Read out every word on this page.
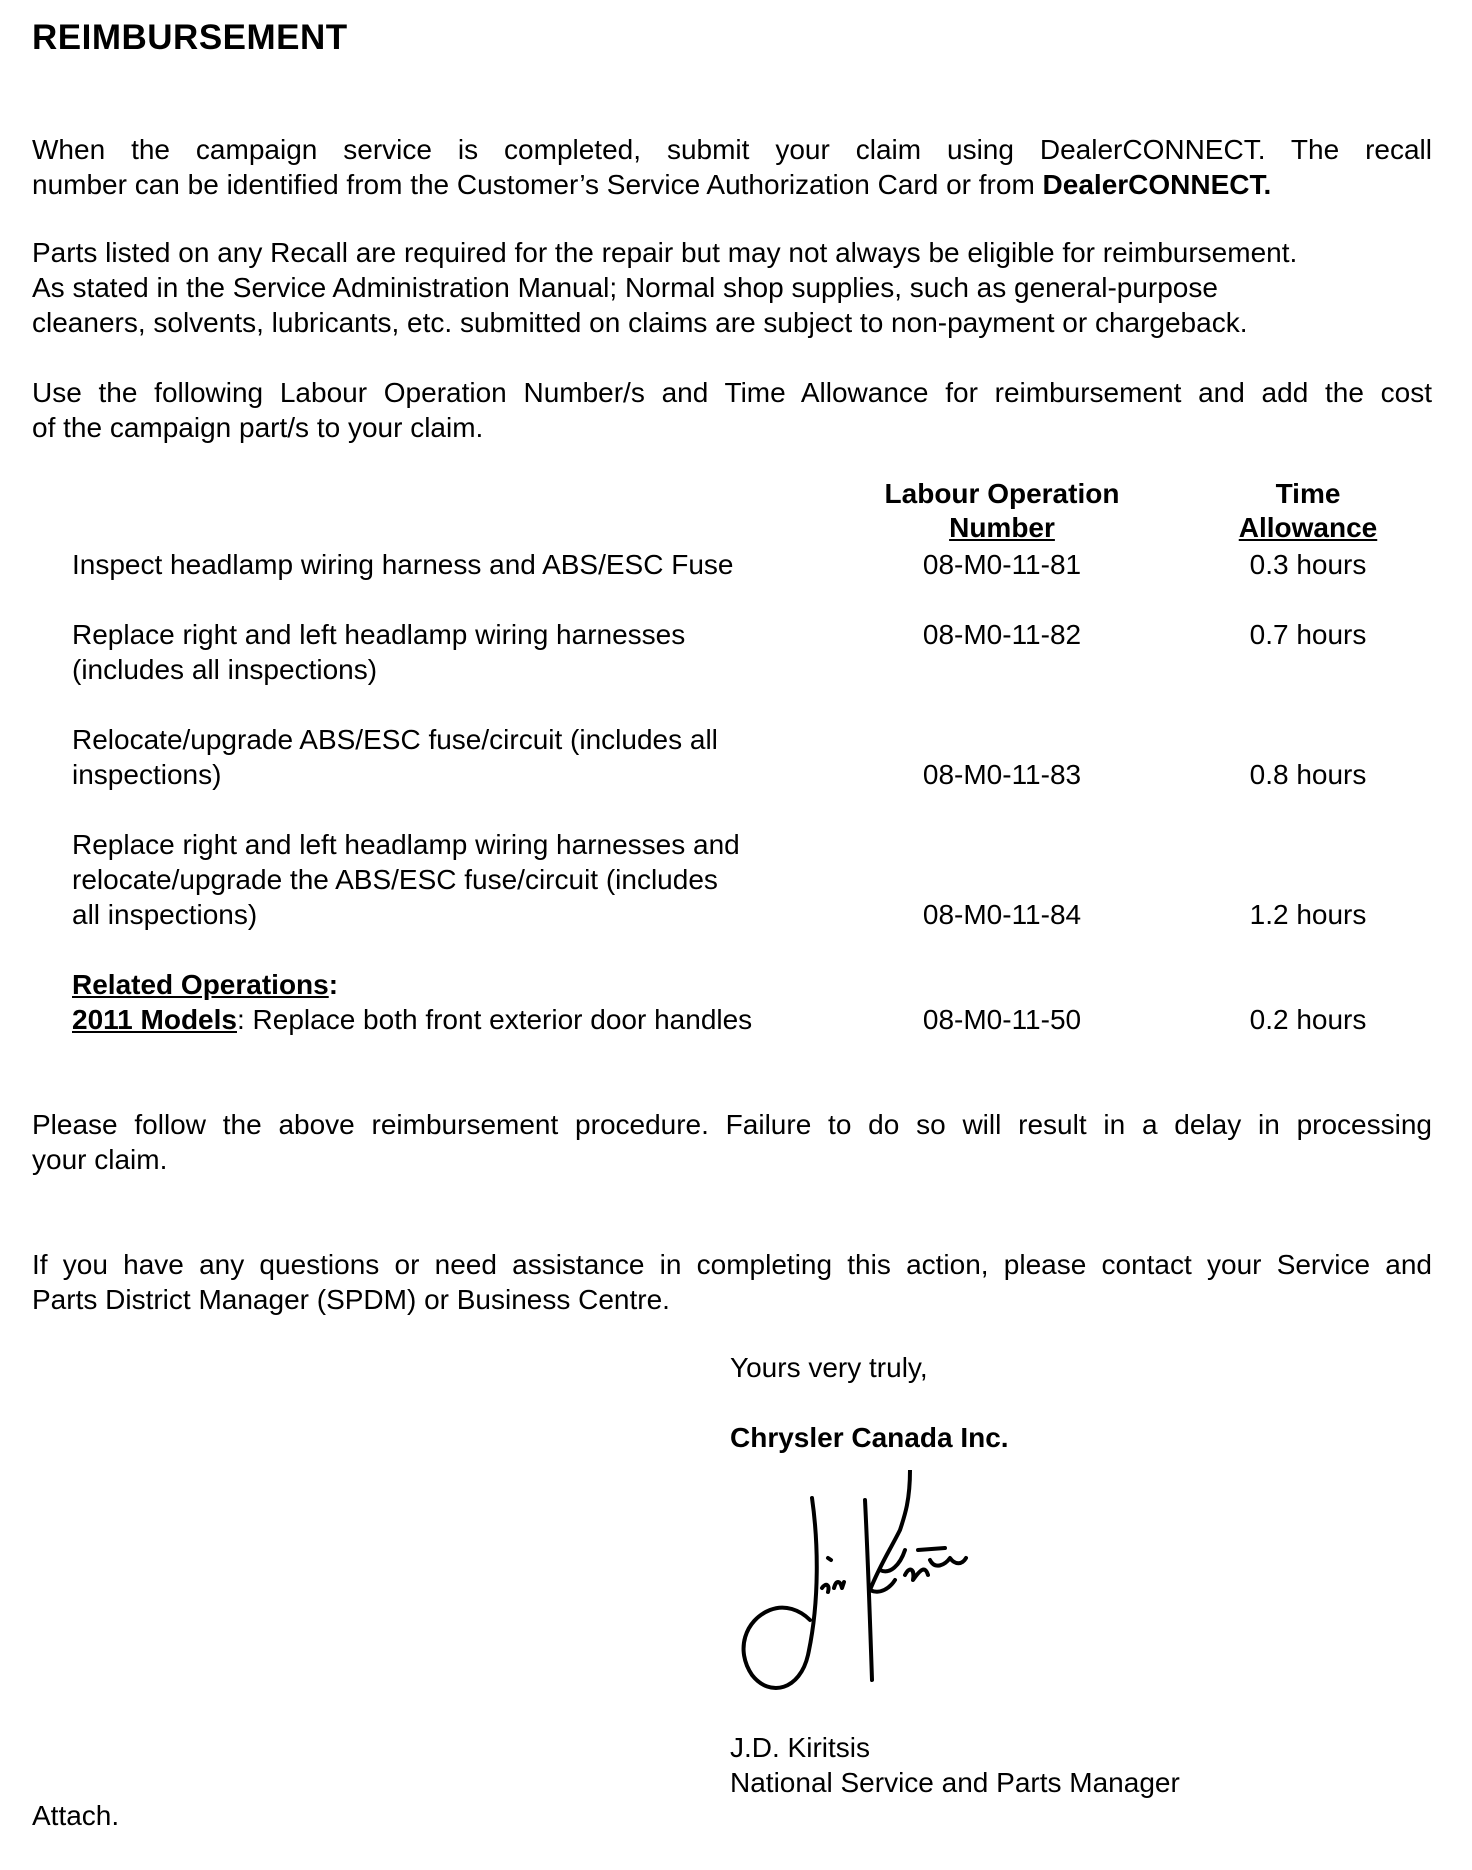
REIMBURSEMENT
When the campaign service is completed, submit your claim using DealerCONNECT. The recall
number can be identified from the Customer’s Service Authorization Card or from DealerCONNECT.
Parts listed on any Recall are required for the repair but may not always be eligible for reimbursement.
As stated in the Service Administration Manual; Normal shop supplies, such as general-purpose
cleaners, solvents, lubricants, etc. submitted on claims are subject to non-payment or chargeback.
Use the following Labour Operation Number/s and Time Allowance for reimbursement and add the cost
of the campaign part/s to your claim.
Labour Operation
Number
Time
Allowance
Inspect headlamp wiring harness and ABS/ESC Fuse	08-M0-11-81	0.3 hours
Replace right and left headlamp wiring harnesses
(includes all inspections)
08-M0-11-82	0.7 hours
Relocate/upgrade ABS/ESC fuse/circuit (includes all
inspections)	08-M0-11-83	0.8 hours
Replace right and left headlamp wiring harnesses and
relocate/upgrade the ABS/ESC fuse/circuit (includes
all inspections)	08-M0-11-84	1.2 hours
Related Operations:
2011 Models: Replace both front exterior door handles	08-M0-11-50	0.2 hours
Please follow the above reimbursement procedure. Failure to do so will result in a delay in processing
your claim.
If you have any questions or need assistance in completing this action, please contact your Service and
Parts District Manager (SPDM) or Business Centre.
Yours very truly,
Chrysler Canada Inc.
J.D. Kiritsis
National Service and Parts Manager
Attach.
